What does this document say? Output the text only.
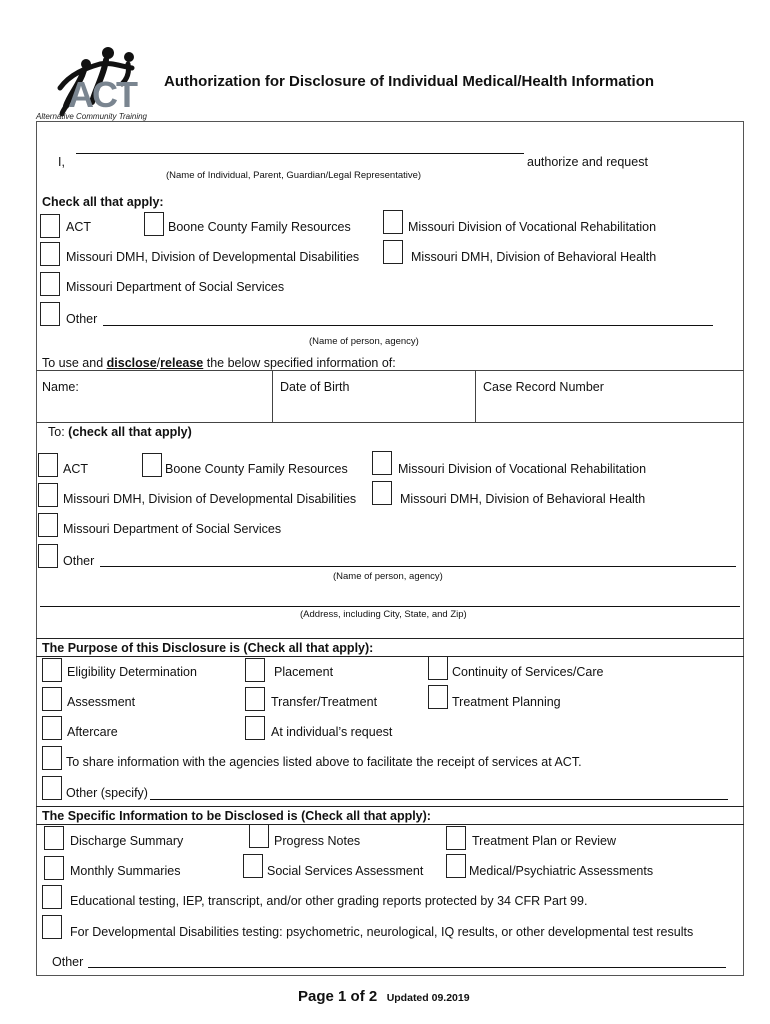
ACT
Alternative Community Training
Authorization for Disclosure of Individual Medical/Health Information
I,	authorize and request
(Name of Individual, Parent, Guardian/Legal Representative)
Check all that apply:
ACT	Boone County Family Resources	Missouri Division of Vocational Rehabilitation
Missouri DMH, Division of Developmental Disabilities	Missouri DMH, Division of Behavioral Health
Missouri Department of Social Services
Other
(Name of person, agency)
To use and disclose/release the below specified information of:
Name:	Date of Birth	Case Record Number
To: (check all that apply)
ACT	Boone County Family Resources	Missouri Division of Vocational Rehabilitation
Missouri DMH, Division of Developmental Disabilities	Missouri DMH, Division of Behavioral Health
Missouri Department of Social Services
Other
(Name of person, agency)
(Address, including City, State, and Zip)
The Purpose of this Disclosure is (Check all that apply):
Eligibility Determination	Placement	Continuity of Services/Care
Assessment	Transfer/Treatment	Treatment Planning
Aftercare	At individual’s request
To share information with the agencies listed above to facilitate the receipt of services at ACT.
Other (specify)
The Specific Information to be Disclosed is (Check all that apply):
Discharge Summary	Progress Notes	Treatment Plan or Review
Monthly Summaries	Social Services Assessment	Medical/Psychiatric Assessments
Educational testing, IEP, transcript, and/or other grading reports protected by 34 CFR Part 99.
For Developmental Disabilities testing: psychometric, neurological, IQ results, or other developmental test results
Other
Page 1 of 2 Updated 09.2019
